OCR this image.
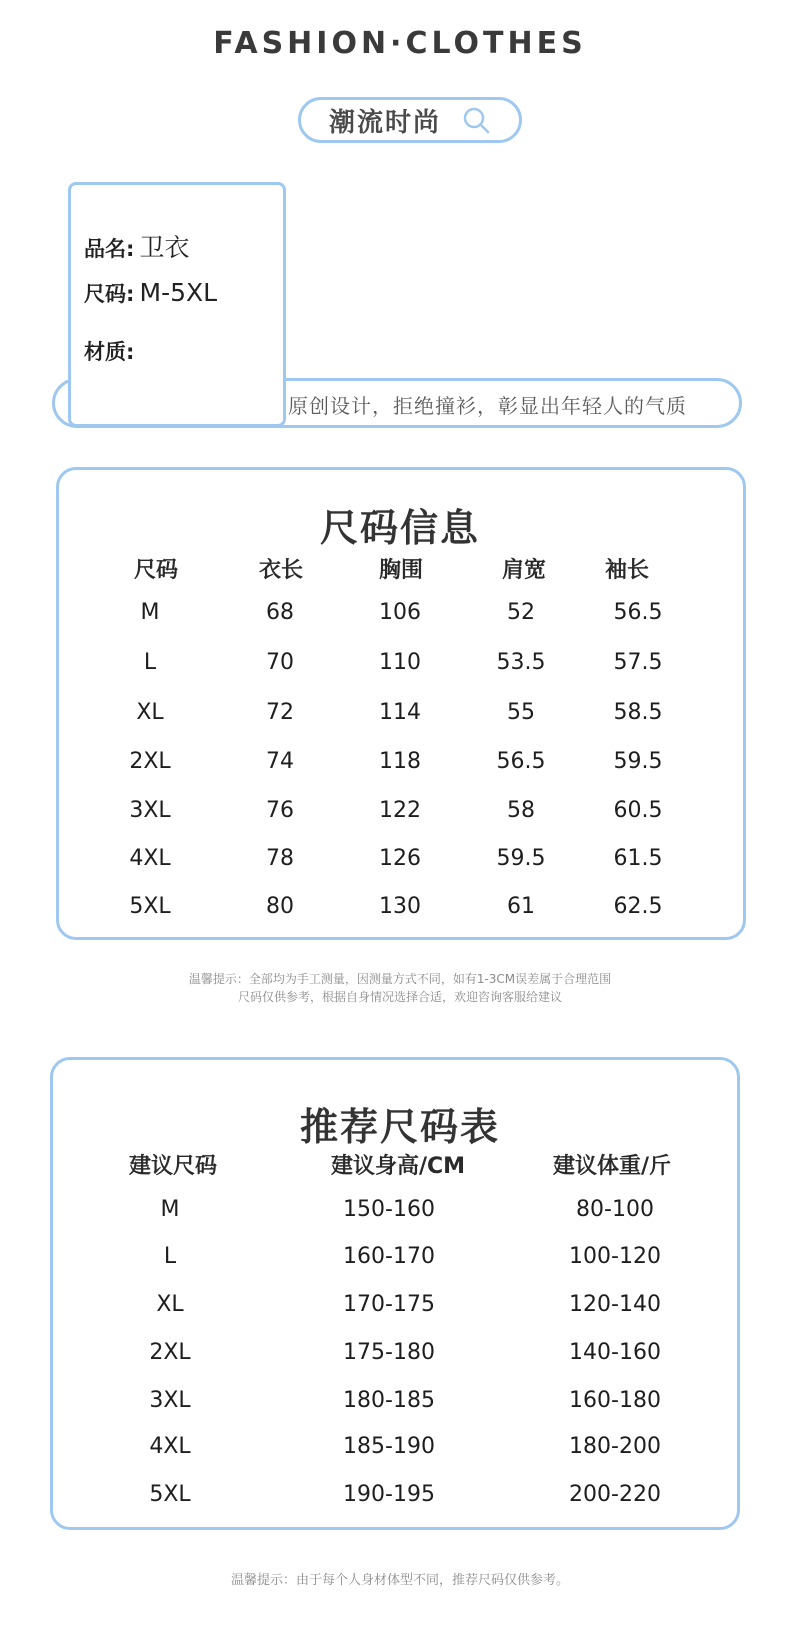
FASHION·CLOTHES
潮流时尚
原创设计，拒绝撞衫，彰显出年轻人的气质
品名: 卫衣
尺码: M-5XL
材质:
尺码信息
尺码	衣长	胸围	肩宽	袖长
M	68	106	52	56.5
L	70	110	53.5	57.5
XL	72	114	55	58.5
2XL	74	118	56.5	59.5
3XL	76	122	58	60.5
4XL	78	126	59.5	61.5
5XL	80	130	61	62.5
温馨提示：全部均为手工测量，因测量方式不同，如有1-3CM误差属于合理范围
尺码仅供参考，根据自身情况选择合适，欢迎咨询客服给建议
推荐尺码表
建议尺码	建议身高/CM	建议体重/斤
M	150-160	80-100
L	160-170	100-120
XL	170-175	120-140
2XL	175-180	140-160
3XL	180-185	160-180
4XL	185-190	180-200
5XL	190-195	200-220
温馨提示：由于每个人身材体型不同，推荐尺码仅供参考。
